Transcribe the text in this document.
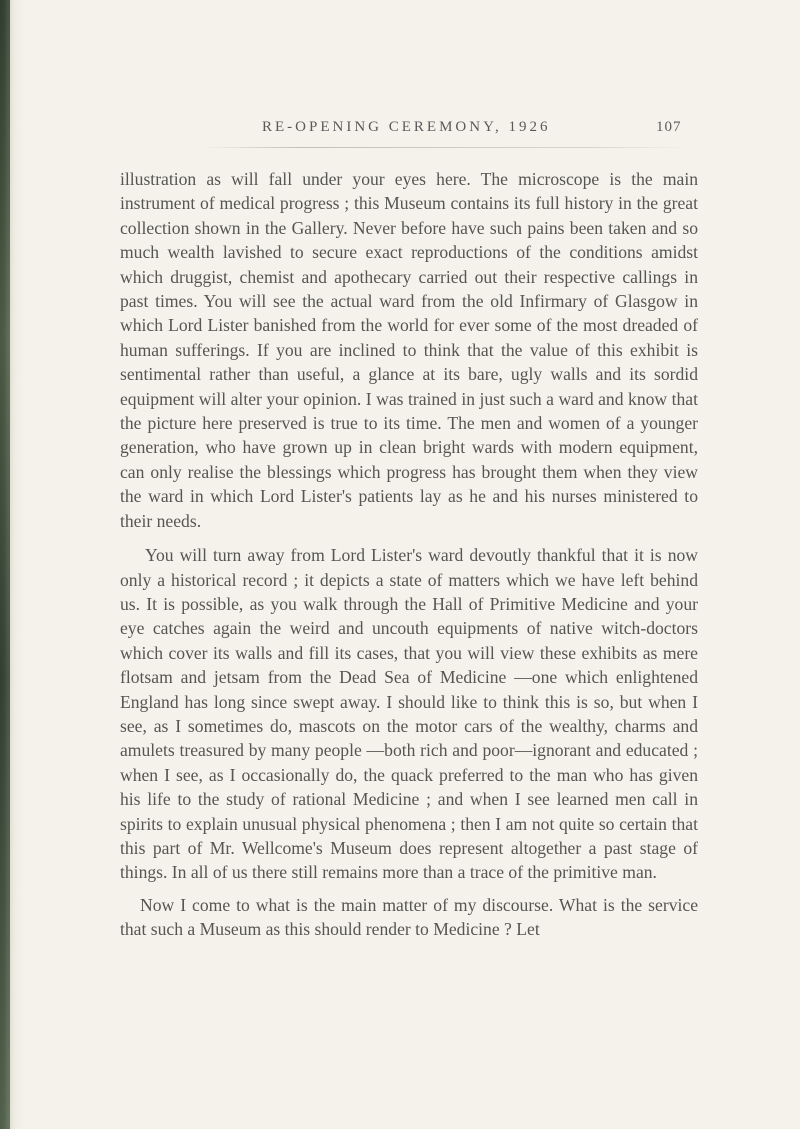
RE-OPENING CEREMONY, 1926	107

illustration as will fall under your eyes here. The microscope is the main instrument of medical progress ; this Museum contains its full history in the great collection shown in the Gallery. Never before have such pains been taken and so much wealth lavished to secure exact reproductions of the conditions amidst which druggist, chemist and apothecary carried out their respective callings in past times. You will see the actual ward from the old Infirmary of Glasgow in which Lord Lister banished from the world for ever some of the most dreaded of human sufferings. If you are inclined to think that the value of this exhibit is sentimental rather than useful, a glance at its bare, ugly walls and its sordid equipment will alter your opinion. I was trained in just such a ward and know that the picture here preserved is true to its time. The men and women of a younger generation, who have grown up in clean bright wards with modern equipment, can only realise the blessings which progress has brought them when they view the ward in which Lord Lister's patients lay as he and his nurses ministered to their needs.

You will turn away from Lord Lister's ward devoutly thankful that it is now only a historical record ; it depicts a state of matters which we have left behind us. It is possible, as you walk through the Hall of Primitive Medicine and your eye catches again the weird and uncouth equipments of native witch-doctors which cover its walls and fill its cases, that you will view these exhibits as mere flotsam and jetsam from the Dead Sea of Medicine —one which enlightened England has long since swept away. I should like to think this is so, but when I see, as I sometimes do, mascots on the motor cars of the wealthy, charms and amulets treasured by many people —both rich and poor—ignorant and educated ; when I see, as I occasionally do, the quack preferred to the man who has given his life to the study of rational Medicine ; and when I see learned men call in spirits to explain unusual physical phenomena ; then I am not quite so certain that this part of Mr. Wellcome's Museum does represent altogether a past stage of things. In all of us there still remains more than a trace of the primitive man.

Now I come to what is the main matter of my discourse. What is the service that such a Museum as this should render to Medicine ? Let
